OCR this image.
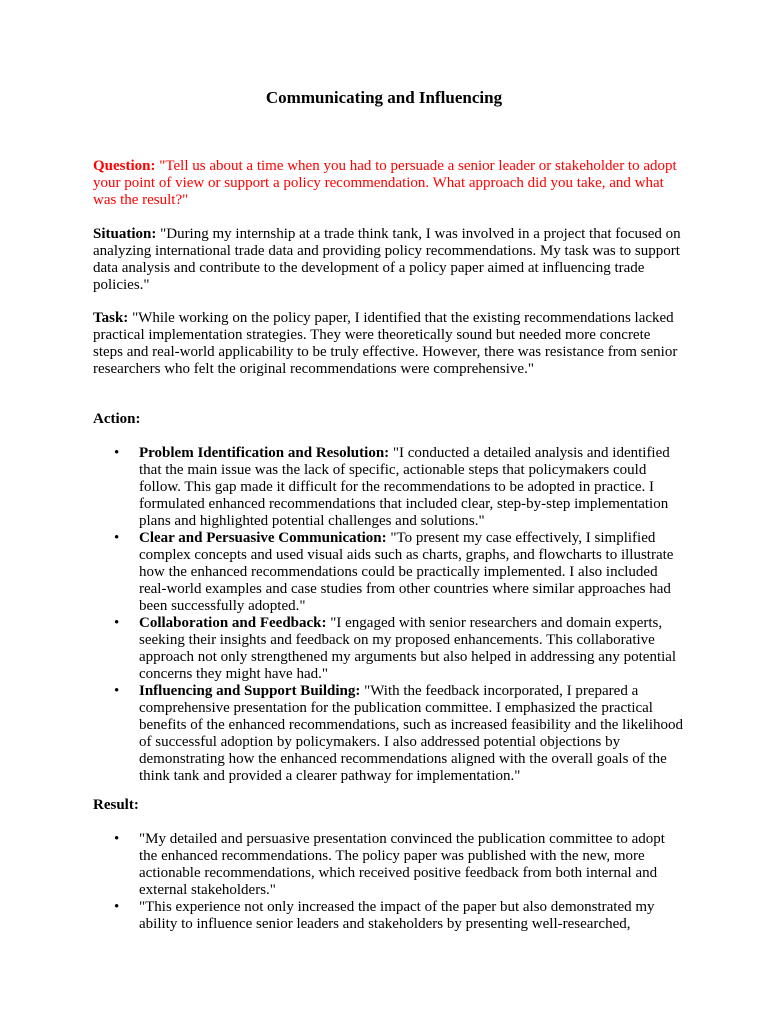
Communicating and Influencing

Question: "Tell us about a time when you had to persuade a senior leader or stakeholder to adopt your point of view or support a policy recommendation. What approach did you take, and what was the result?"

Situation: "During my internship at a trade think tank, I was involved in a project that focused on analyzing international trade data and providing policy recommendations. My task was to support data analysis and contribute to the development of a policy paper aimed at influencing trade policies."

Task: "While working on the policy paper, I identified that the existing recommendations lacked practical implementation strategies. They were theoretically sound but needed more concrete steps and real-world applicability to be truly effective. However, there was resistance from senior researchers who felt the original recommendations were comprehensive."

Action:

• Problem Identification and Resolution: "I conducted a detailed analysis and identified that the main issue was the lack of specific, actionable steps that policymakers could follow. This gap made it difficult for the recommendations to be adopted in practice. I formulated enhanced recommendations that included clear, step-by-step implementation plans and highlighted potential challenges and solutions."
• Clear and Persuasive Communication: "To present my case effectively, I simplified complex concepts and used visual aids such as charts, graphs, and flowcharts to illustrate how the enhanced recommendations could be practically implemented. I also included real-world examples and case studies from other countries where similar approaches had been successfully adopted."
• Collaboration and Feedback: "I engaged with senior researchers and domain experts, seeking their insights and feedback on my proposed enhancements. This collaborative approach not only strengthened my arguments but also helped in addressing any potential concerns they might have had."
• Influencing and Support Building: "With the feedback incorporated, I prepared a comprehensive presentation for the publication committee. I emphasized the practical benefits of the enhanced recommendations, such as increased feasibility and the likelihood of successful adoption by policymakers. I also addressed potential objections by demonstrating how the enhanced recommendations aligned with the overall goals of the think tank and provided a clearer pathway for implementation."

Result:

• "My detailed and persuasive presentation convinced the publication committee to adopt the enhanced recommendations. The policy paper was published with the new, more actionable recommendations, which received positive feedback from both internal and external stakeholders."
• "This experience not only increased the impact of the paper but also demonstrated my ability to influence senior leaders and stakeholders by presenting well-researched,
